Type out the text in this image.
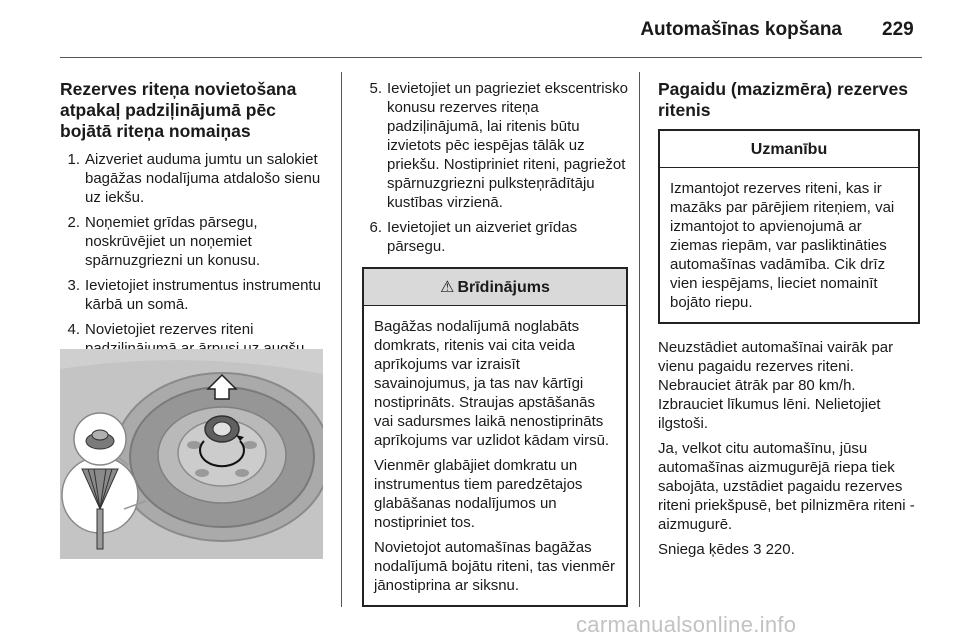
Automašīnas kopšana 229
Rezerves riteņa novietošana atpakaļ padziļinājumā pēc bojātā riteņa nomaiņas
1. Aizveriet auduma jumtu un salokiet bagāžas nodalījuma atdalošo sienu uz iekšu.
2. Noņemiet grīdas pārsegu, noskrūvējiet un noņemiet spārnuzgriezni un konusu.
3. Ievietojiet instrumentus instrumentu kārbā un somā.
4. Novietojiet rezerves riteni
5. Ievietojiet un pagrieziet ekscentrisko konusu rezerves riteņa padziļinājumā, lai ritenis būtu izvietots pēc iespējas tālāk uz priekšu. Nostipriniet riteni, pagriežot spārnuzgriezni pulksteņrādītāju kustības virzienā.
6. Ievietojiet un aizveriet grīdas pārsegu.
⚠ Brīdinājums

Bagāžas nodalījumā noglabāts domkrats, ritenis vai cita veida aprīkojums var izraisīt savainojumus, ja tas nav kārtīgi nostiprināts. Straujas apstāšanās vai sadursmes laikā nenostiprināts aprīkojums var uzlidot kādam virsū.

Vienmēr glabājiet domkratu un instrumentus tiem paredzētajos glabāšanas nodalījumos un nostipriniet tos.

Novietojot automašīnas bagāžas nodalījumā bojātu riteni, tas vienmēr jānostiprina ar siksnu.

Pagaidu (mazizmēra) rezerves ritenis
Uzmanību

Izmantojot rezerves riteni, kas ir mazāks par pārējiem riteņiem, vai izmantojot to apvienojumā ar ziemas riepām, var pasliktināties automašīnas vadāmība. Cik drīz vien iespējams, lieciet nomainīt bojāto riepu.

Neuzstādiet automašīnai vairāk par vienu pagaidu rezerves riteni. Nebrauciet ātrāk par 80 km/h. Izbrauciet līkumus lēni. Nelietojiet ilgstoši.

Ja, velkot citu automašīnu, jūsu automašīnas aizmugurējā riepa tiek sabojāta, uzstādiet pagaidu rezerves riteni priekšpusē, bet pilnizmēra riteni - aizmugurē.

Sniega ķēdes 3 220.

carmanualsonline.info
